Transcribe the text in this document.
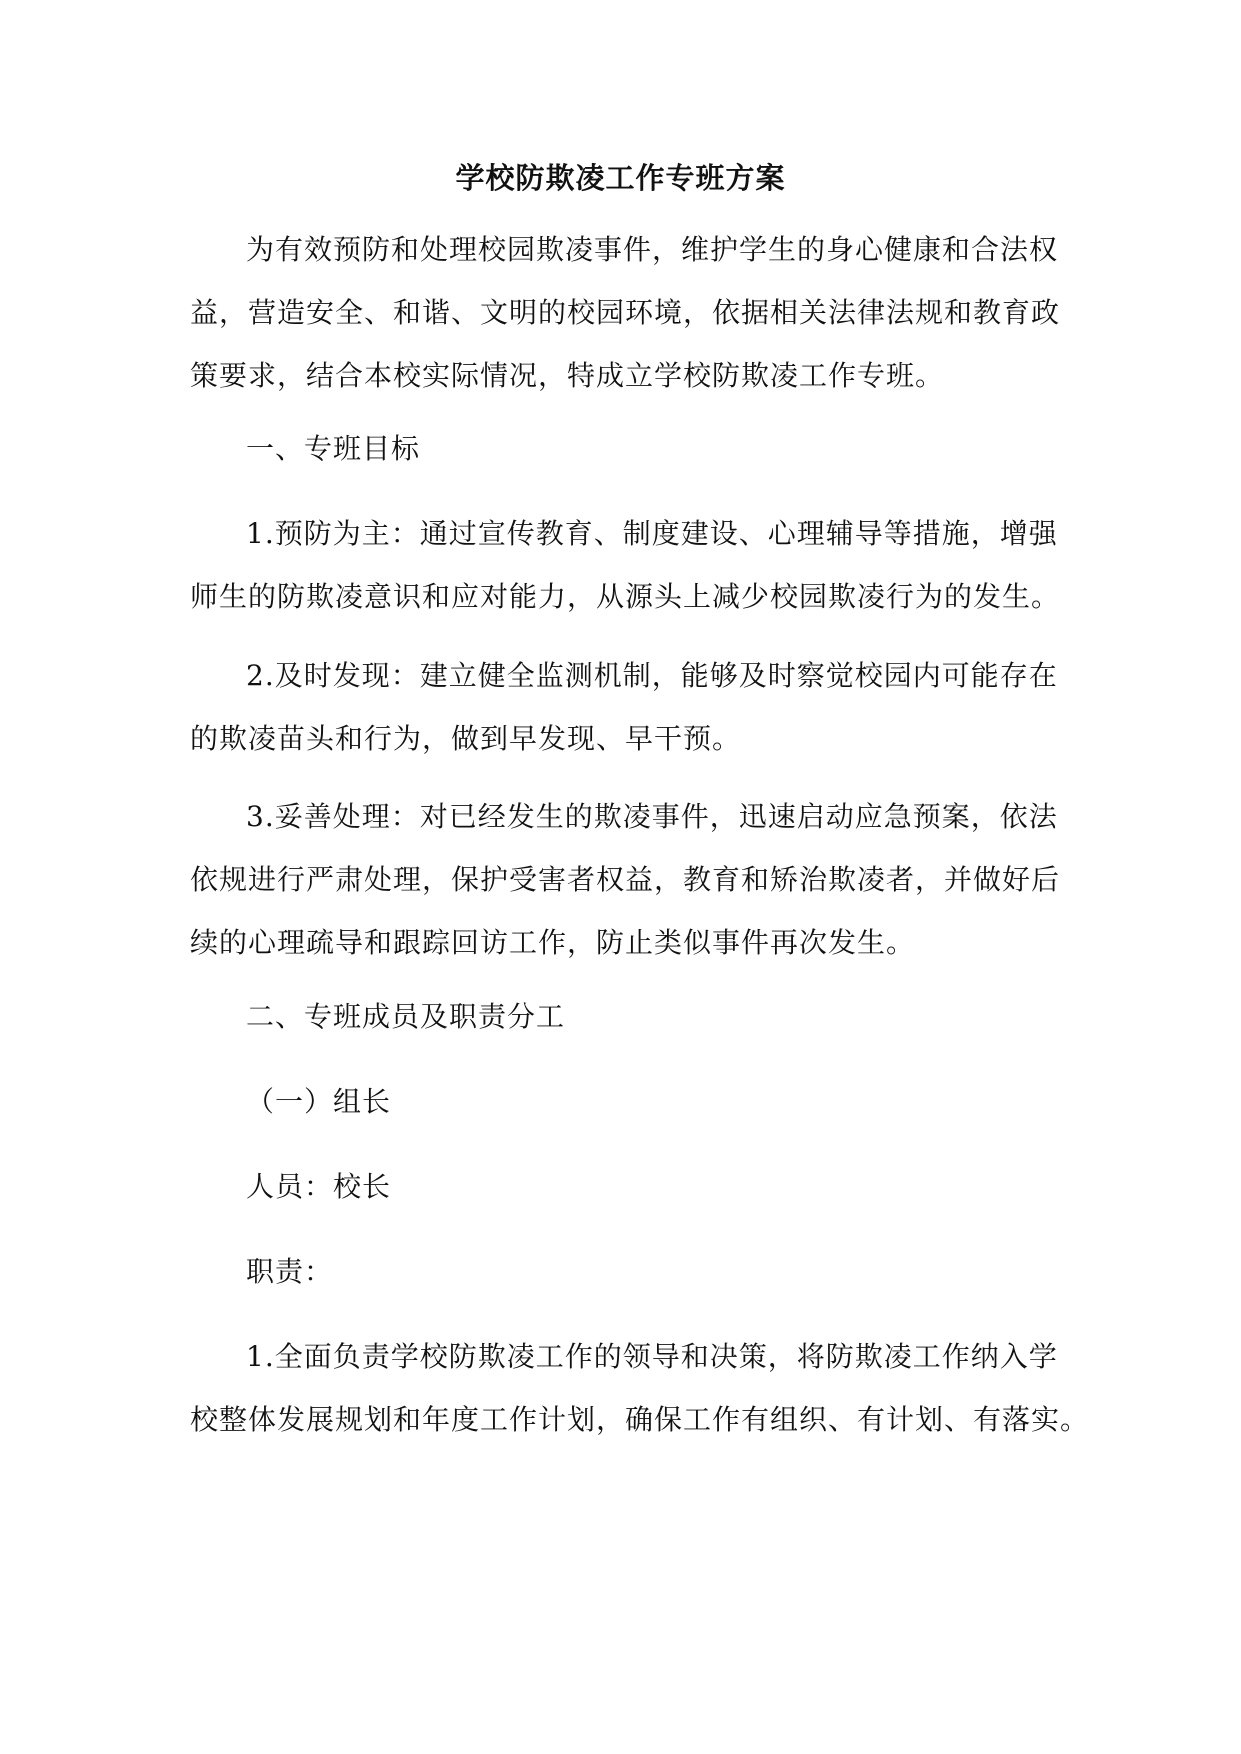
学校防欺凌工作专班方案
为有效预防和处理校园欺凌事件，维护学生的身心健康和合法权
益，营造安全、和谐、文明的校园环境，依据相关法律法规和教育政
策要求，结合本校实际情况，特成立学校防欺凌工作专班。
一、专班目标
1.预防为主：通过宣传教育、制度建设、心理辅导等措施，增强
师生的防欺凌意识和应对能力，从源头上减少校园欺凌行为的发生。
2.及时发现：建立健全监测机制，能够及时察觉校园内可能存在
的欺凌苗头和行为，做到早发现、早干预。
3.妥善处理：对已经发生的欺凌事件，迅速启动应急预案，依法
依规进行严肃处理，保护受害者权益，教育和矫治欺凌者，并做好后
续的心理疏导和跟踪回访工作，防止类似事件再次发生。
二、专班成员及职责分工
（一）组长
人员：校长
职责：
1.全面负责学校防欺凌工作的领导和决策，将防欺凌工作纳入学
校整体发展规划和年度工作计划，确保工作有组织、有计划、有落实。
